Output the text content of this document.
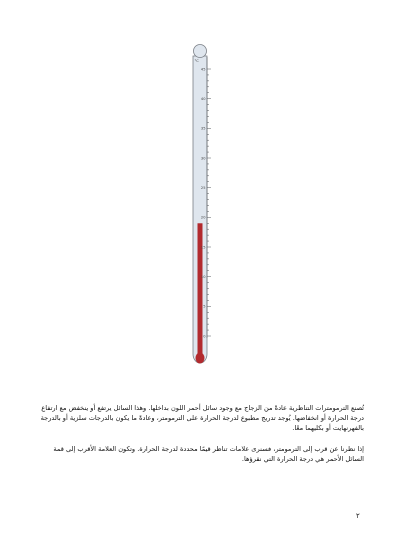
°C
0
5
10
15
20
25
30
35
40
45

تُصنع الترمومترات التناظرية عادةً من الزجاج مع وجود سائل أحمر اللون بداخلها. وهذا السائل يرتفع أو ينخفض مع ارتفاع درجة الحرارة أو انخفاضها. يُوجد تدريج مطبوع لدرجة الحرارة على الترمومتر، وعادةً ما يكون بالدرجات سلزية أو بالدرجة بالفهرنهايت أو بكليهما معًا.

إذا نظرنا عن قرب إلى الترمومتر، فسنرى علامات تناظر قيمًا محددة لدرجة الحرارة. وتكون العلامة الأقرب إلى قمة السائل الأحمر هي درجة الحرارة التي نقرؤها.

٢
